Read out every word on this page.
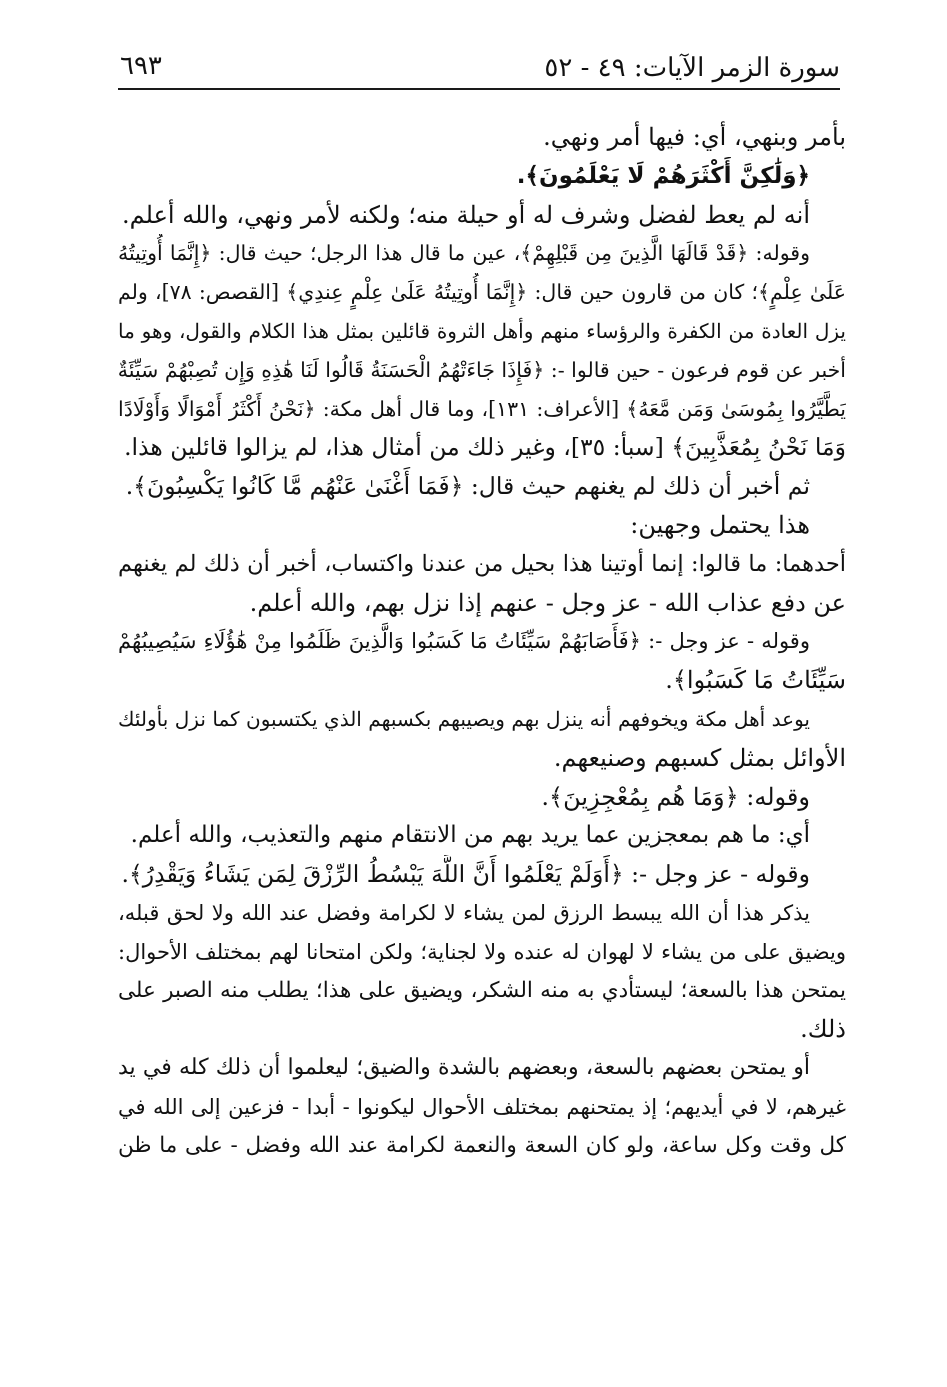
سورة الزمر الآيات: ٤٩ - ٥٢
٦٩٣
بأمر وبنهي، أي: فيها أمر ونهي.
﴿وَلَٰكِنَّ أَكْثَرَهُمْ لَا يَعْلَمُونَ﴾.
أنه لم يعط لفضل وشرف له أو حيلة منه؛ ولكنه لأمر ونهي، والله أعلم.
وقوله: ﴿قَدْ قَالَهَا الَّذِينَ مِن قَبْلِهِمْ﴾، عين ما قال هذا الرجل؛ حيث قال: ﴿إِنَّمَا أُوتِيتُهُ
عَلَىٰ عِلْمٍ﴾؛ كان من قارون حين قال: ﴿إِنَّمَا أُوتِيتُهُ عَلَىٰ عِلْمٍ عِندِي﴾ [القصص: ٧٨]، ولم
يزل العادة من الكفرة والرؤساء منهم وأهل الثروة قائلين بمثل هذا الكلام والقول، وهو ما
أخبر عن قوم فرعون - حين قالوا -: ﴿فَإِذَا جَاءَتْهُمُ الْحَسَنَةُ قَالُوا لَنَا هَٰذِهِ وَإِن تُصِبْهُمْ سَيِّئَةٌ
يَطَّيَّرُوا بِمُوسَىٰ وَمَن مَّعَهُ﴾ [الأعراف: ١٣١]، وما قال أهل مكة: ﴿نَحْنُ أَكْثَرُ أَمْوَالًا وَأَوْلَادًا
وَمَا نَحْنُ بِمُعَذَّبِينَ﴾ [سبأ: ٣٥]، وغير ذلك من أمثال هذا، لم يزالوا قائلين هذا.
ثم أخبر أن ذلك لم يغنهم حيث قال: ﴿فَمَا أَغْنَىٰ عَنْهُم مَّا كَانُوا يَكْسِبُونَ﴾.
هذا يحتمل وجهين:
أحدهما: ما قالوا: إنما أوتينا هذا بحيل من عندنا واكتساب، أخبر أن ذلك لم يغنهم
عن دفع عذاب الله - عز وجل - عنهم إذا نزل بهم، والله أعلم.
وقوله - عز وجل -: ﴿فَأَصَابَهُمْ سَيِّئَاتُ مَا كَسَبُوا وَالَّذِينَ ظَلَمُوا مِنْ هَٰؤُلَاءِ سَيُصِيبُهُمْ
سَيِّئَاتُ مَا كَسَبُوا﴾.
يوعد أهل مكة ويخوفهم أنه ينزل بهم ويصيبهم بكسبهم الذي يكتسبون كما نزل بأولئك
الأوائل بمثل كسبهم وصنيعهم.
وقوله: ﴿وَمَا هُم بِمُعْجِزِينَ﴾.
أي: ما هم بمعجزين عما يريد بهم من الانتقام منهم والتعذيب، والله أعلم.
وقوله - عز وجل -: ﴿أَوَلَمْ يَعْلَمُوا أَنَّ اللَّهَ يَبْسُطُ الرِّزْقَ لِمَن يَشَاءُ وَيَقْدِرُ﴾.
يذكر هذا أن الله يبسط الرزق لمن يشاء لا لكرامة وفضل عند الله ولا لحق قبله،
ويضيق على من يشاء لا لهوان له عنده ولا لجناية؛ ولكن امتحانا لهم بمختلف الأحوال:
يمتحن هذا بالسعة؛ ليستأدي به منه الشكر، ويضيق على هذا؛ يطلب منه الصبر على
ذلك.
أو يمتحن بعضهم بالسعة، وبعضهم بالشدة والضيق؛ ليعلموا أن ذلك كله في يد
غيرهم، لا في أيديهم؛ إذ يمتحنهم بمختلف الأحوال ليكونوا - أبدا - فزعين إلى الله في
كل وقت وكل ساعة، ولو كان السعة والنعمة لكرامة عند الله وفضل - على ما ظن
